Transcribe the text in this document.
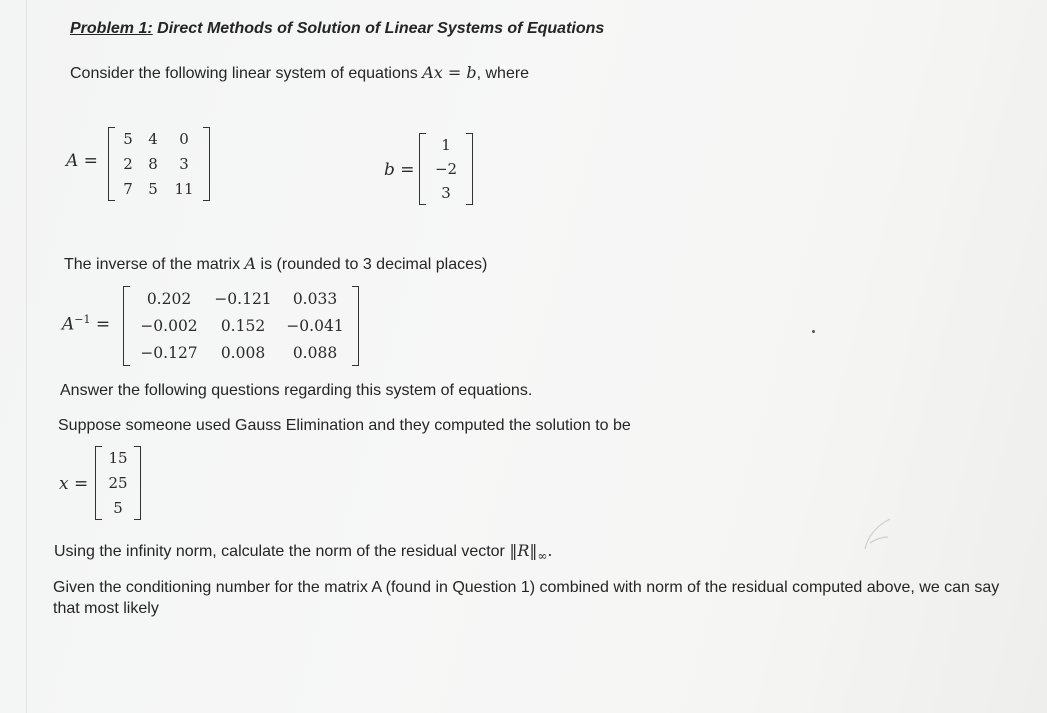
Problem 1: Direct Methods of Solution of Linear Systems of Equations
Consider the following linear system of equations Ax = b, where
A =
5	4	0
2	8	3
7	5	11
b =
1
−2
3
The inverse of the matrix A is (rounded to 3 decimal places)
$A^{-1}$ =
0.202	−0.121	0.033
−0.002	0.152	−0.041
−0.127	0.008	0.088
Answer the following questions regarding this system of equations.
Suppose someone used Gauss Elimination and they computed the solution to be
x =
15
25
5
Using the infinity norm, calculate the norm of the residual vector $‖R‖_\infty$.
Given the conditioning number for the matrix A (found in Question 1) combined with norm of the residual computed above, we can say that most likely
